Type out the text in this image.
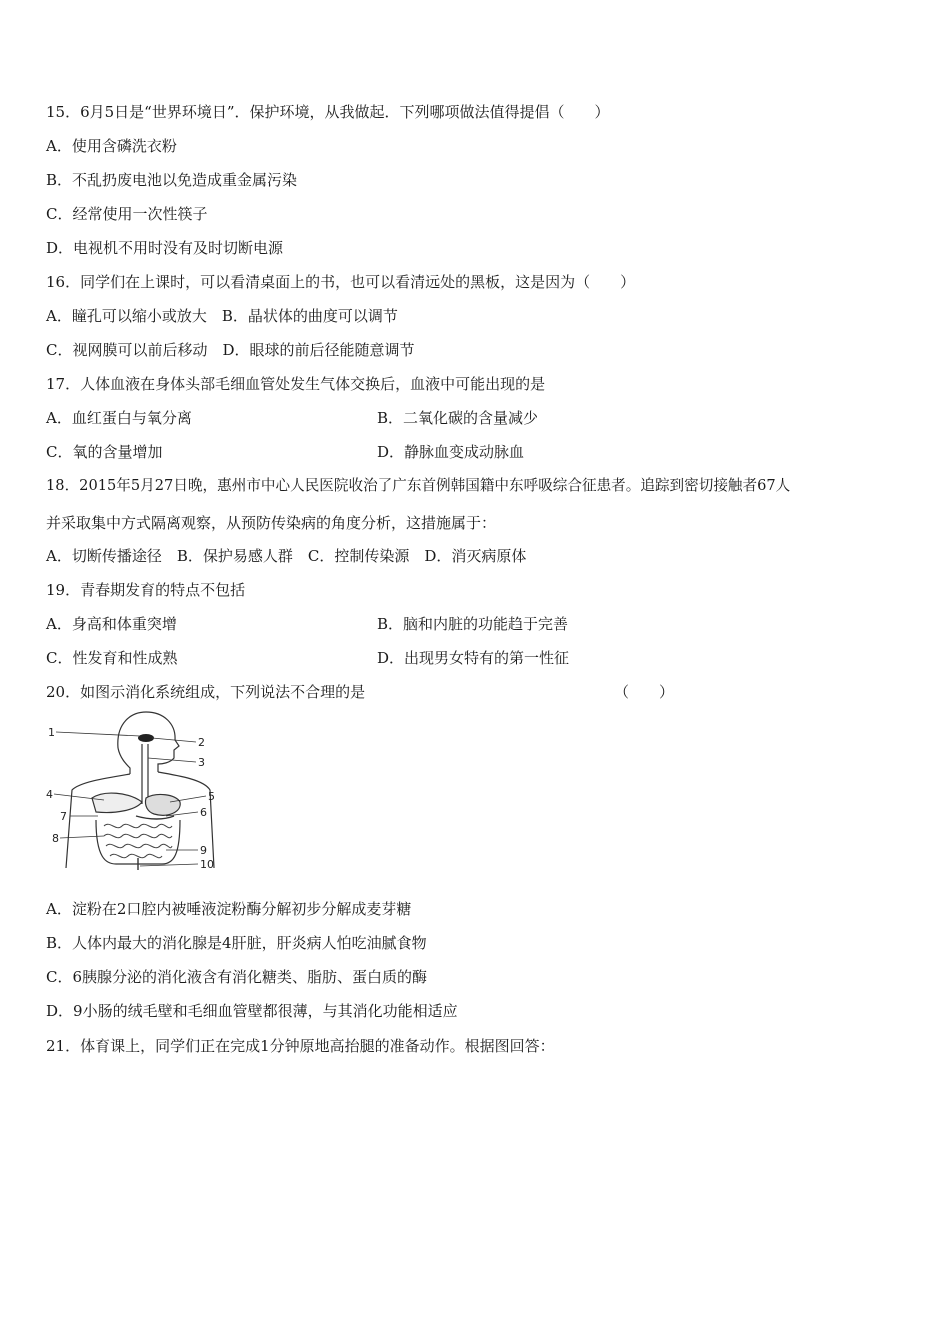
15．6月5日是“世界环境日”．保护环境，从我做起．下列哪项做法值得提倡（　　）
A．使用含磷洗衣粉
B．不乱扔废电池以免造成重金属污染
C．经常使用一次性筷子
D．电视机不用时没有及时切断电源
16．同学们在上课时，可以看清桌面上的书，也可以看清远处的黑板，这是因为（　　）
A．瞳孔可以缩小或放大　B．晶状体的曲度可以调节
C．视网膜可以前后移动　D．眼球的前后径能随意调节
17．人体血液在身体头部毛细血管处发生气体交换后，血液中可能出现的是
A．血红蛋白与氧分离	B．二氧化碳的含量减少
C．氧的含量增加	D．静脉血变成动脉血
18．2015年5月27日晚，惠州市中心人民医院收治了广东首例韩国籍中东呼吸综合征患者。追踪到密切接触者67人
并采取集中方式隔离观察，从预防传染病的角度分析，这措施属于：
A．切断传播途径　B．保护易感人群　C．控制传染源　D．消灭病原体
19．青春期发育的特点不包括
A．身高和体重突增	B．脑和内脏的功能趋于完善
C．性发育和性成熟	D．出现男女特有的第一性征
20．如图示消化系统组成，下列说法不合理的是	（　　）
1
2
3
4	5
6
7
8
9
10
A．淀粉在2口腔内被唾液淀粉酶分解初步分解成麦芽糖
B．人体内最大的消化腺是4肝脏，肝炎病人怕吃油腻食物
C．6胰腺分泌的消化液含有消化糖类、脂肪、蛋白质的酶
D．9小肠的绒毛壁和毛细血管壁都很薄，与其消化功能相适应
21．体育课上，同学们正在完成1分钟原地高抬腿的准备动作。根据图回答：
